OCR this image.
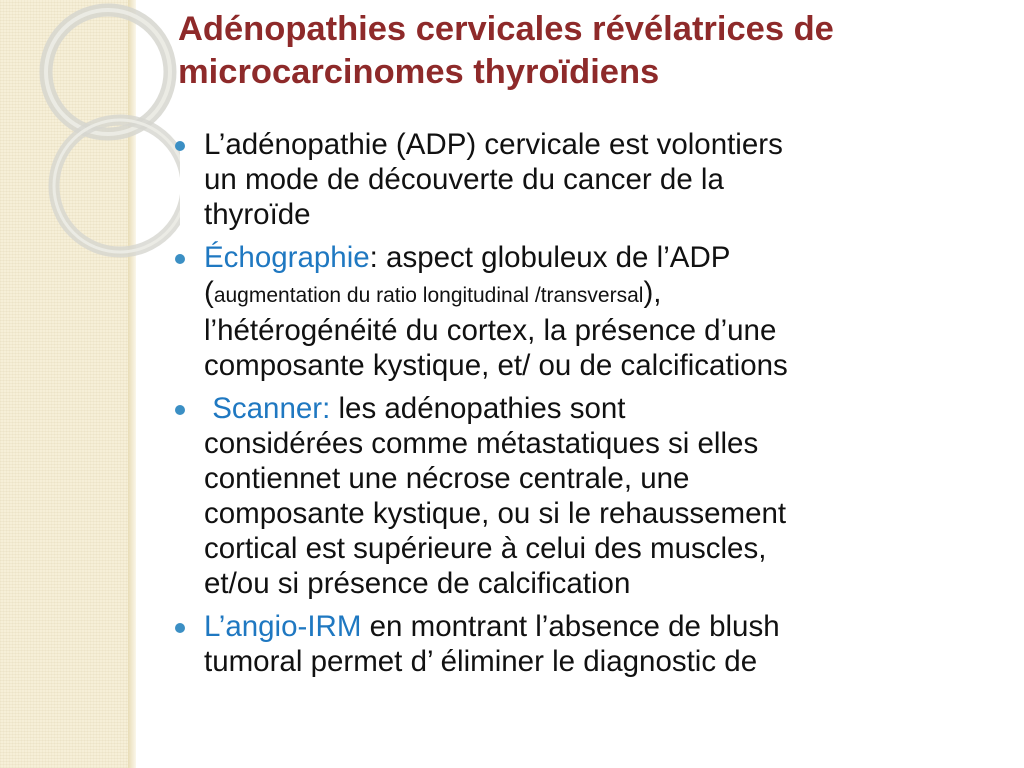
Adénopathies cervicales révélatrices de
microcarcinomes thyroïdiens
L’adénopathie (ADP) cervicale est volontiers
un mode de découverte du cancer de la
thyroïde
Échographie: aspect globuleux de l’ADP
(augmentation du ratio longitudinal /transversal),
l’hétérogénéité du cortex, la présence d’une
composante kystique, et/ ou de calcifications
Scanner: les adénopathies sont
considérées comme métastatiques si elles
contiennet une nécrose centrale, une
composante kystique, ou si le rehaussement
cortical est supérieure à celui des muscles,
et/ou si présence de calcification
L’angio-IRM en montrant l’absence de blush
tumoral permet d’ éliminer le diagnostic de
